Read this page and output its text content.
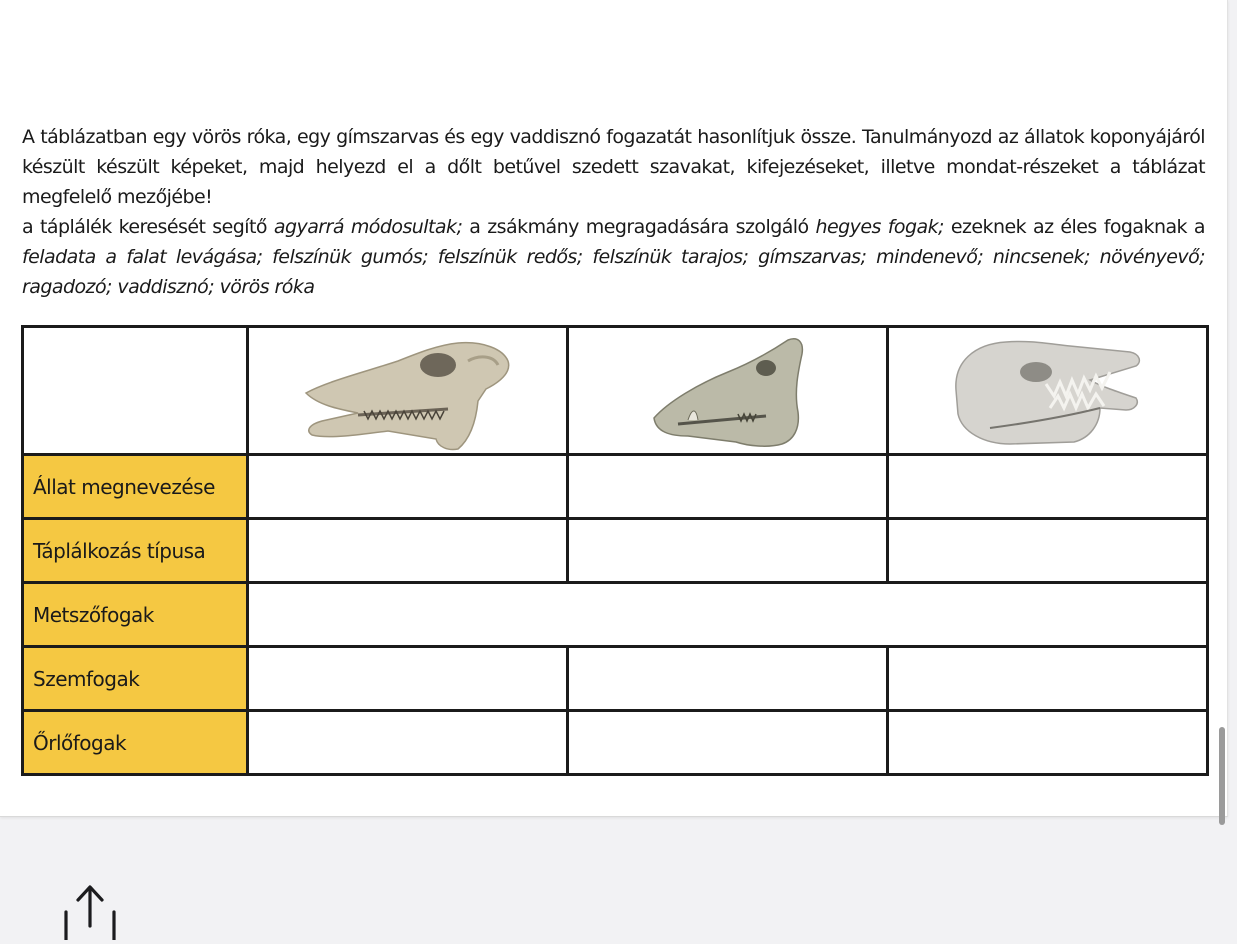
A táblázatban egy vörös róka, egy gímszarvas és egy vaddisznó fogazatát hasonlítjuk össze. Tanulmányozd az állatok koponyájáról készült készült képeket, majd helyezd el a dőlt betűvel szedett szavakat, kifejezéseket, illetve mondat-részeket a táblázat megfelelő mezőjébe!

a táplálék keresését segítő agyarrá módosultak; a zsákmány megragadására szolgáló hegyes fogak; ezeknek az éles fogaknak a feladata a falat levágása; felszínük gumós; felszínük redős; felszínük tarajos; gímszarvas; mindenevő; nincsenek; növényevő; ragadozó; vaddisznó; vörös róka

Állat megnevezése			
Táplálkozás típusa			
Metszőfogak			
Szemfogak			
Őrlőfogak			
